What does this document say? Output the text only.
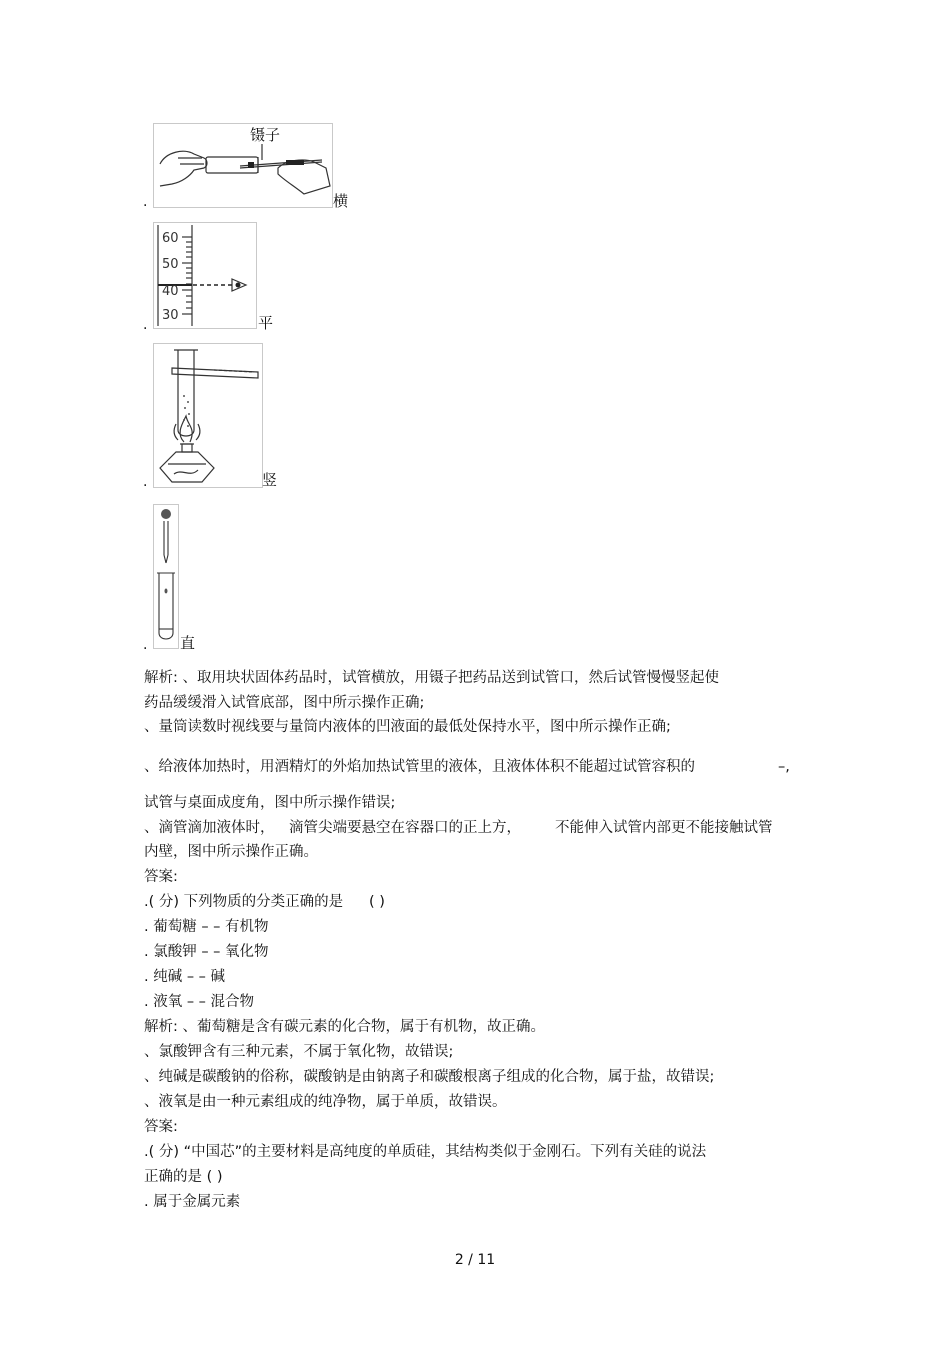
镊子
.	横
60
50
40
30
.	平
.	竖
. 直
解析: 、取用块状固体药品时，试管横放，用镊子把药品送到试管口，然后试管慢慢竖起使
药品缓缓滑入试管底部，图中所示操作正确;
、量筒读数时视线要与量筒内液体的凹液面的最低处保持水平，图中所示操作正确;
、给液体加热时，用酒精灯的外焰加热试管里的液体，且液体体积不能超过试管容积的	–,
试管与桌面成度角，图中所示操作错误;
、滴管滴加液体时， 滴管尖端要悬空在容器口的正上方， 不能伸入试管内部更不能接触试管
内壁，图中所示操作正确。
答案:
.( 分) 下列物质的分类正确的是 ( )
. 葡萄糖 – – 有机物
. 氯酸钾 – – 氧化物
. 纯碱 – – 碱
. 液氧 – – 混合物
解析: 、葡萄糖是含有碳元素的化合物，属于有机物，故正确。
、氯酸钾含有三种元素，不属于氧化物，故错误;
、纯碱是碳酸钠的俗称，碳酸钠是由钠离子和碳酸根离子组成的化合物，属于盐，故错误;
、液氧是由一种元素组成的纯净物，属于单质，故错误。
答案:
.( 分) “中国芯”的主要材料是高纯度的单质硅，其结构类似于金刚石。下列有关硅的说法
正确的是 ( )
. 属于金属元素
2 / 11
